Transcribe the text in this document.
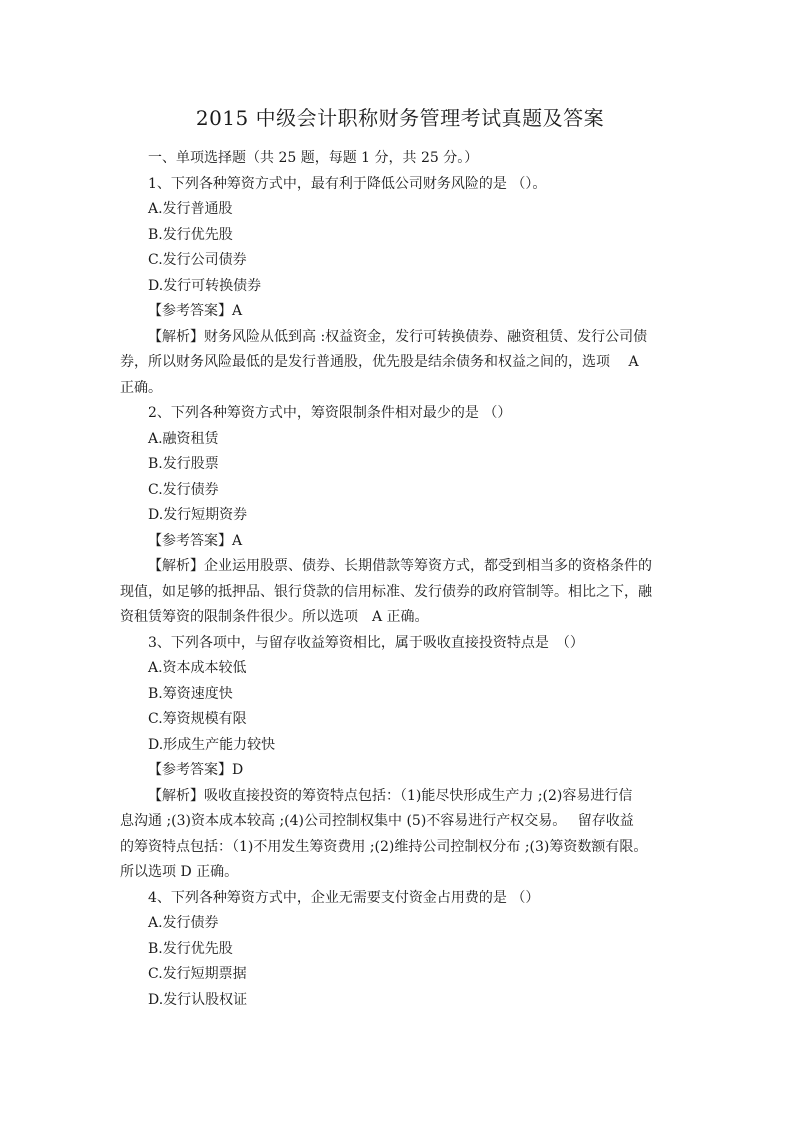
2015 中级会计职称财务管理考试真题及答案

一、单项选择题（共 25 题，每题 1 分，共 25 分。）

1、下列各种筹资方式中，最有利于降低公司财务风险的是 （）。

A.发行普通股

B.发行优先股

C.发行公司债券

D.发行可转换债券

【参考答案】A

【解析】财务风险从低到高 :权益资金，发行可转换债券、融资租赁、发行公司债

券，所以财务风险最低的是发行普通股，优先股是结余债务和权益之间的，选项　 A

正确。

2、下列各种筹资方式中，筹资限制条件相对最少的是 （）

A.融资租赁

B.发行股票

C.发行债券

D.发行短期资券

【参考答案】A

【解析】企业运用股票、债券、长期借款等筹资方式，都受到相当多的资格条件的

现值，如足够的抵押品、银行贷款的信用标准、发行债券的政府管制等。相比之下，融

资租赁筹资的限制条件很少。所以选项　A 正确。

3、下列各项中，与留存收益筹资相比，属于吸收直接投资特点是　（）

A.资本成本较低

B.筹资速度快

C.筹资规模有限

D.形成生产能力较快

【参考答案】D

【解析】吸收直接投资的筹资特点包括：（1)能尽快形成生产力 ;(2)容易进行信

息沟通 ;(3)资本成本较高 ;(4)公司控制权集中 (5)不容易进行产权交易。　 留存收益

的筹资特点包括：（1)不用发生筹资费用 ;(2)维持公司控制权分布 ;(3)筹资数额有限。

所以选项 D 正确。

4、下列各种筹资方式中，企业无需要支付资金占用费的是 （）

A.发行债券

B.发行优先股

C.发行短期票据

D.发行认股权证
